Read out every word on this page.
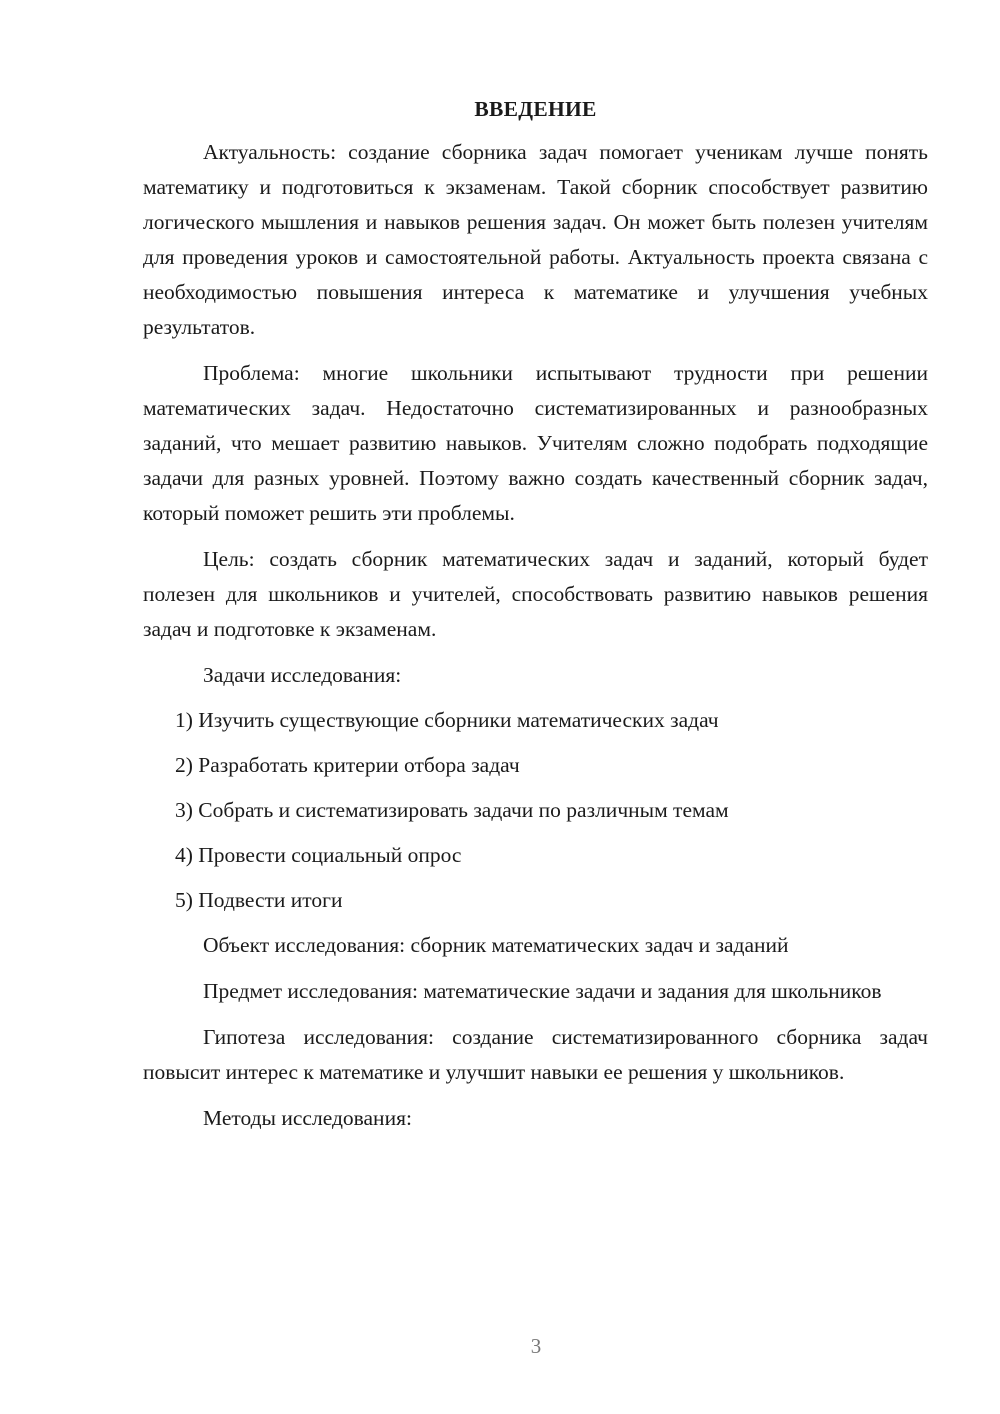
ВВЕДЕНИЕ

Актуальность: создание сборника задач помогает ученикам лучше понять математику и подготовиться к экзаменам. Такой сборник способствует развитию логического мышления и навыков решения задач. Он может быть полезен учителям для проведения уроков и самостоятельной работы. Актуальность проекта связана с необходимостью повышения интереса к математике и улучшения учебных результатов.

Проблема: многие школьники испытывают трудности при решении математических задач. Недостаточно систематизированных и разнообразных заданий, что мешает развитию навыков. Учителям сложно подобрать подходящие задачи для разных уровней. Поэтому важно создать качественный сборник задач, который поможет решить эти проблемы.

Цель: создать сборник математических задач и заданий, который будет полезен для школьников и учителей, способствовать развитию навыков решения задач и подготовке к экзаменам.

Задачи исследования:

1) Изучить существующие сборники математических задач
2) Разработать критерии отбора задач
3) Собрать и систематизировать задачи по различным темам
4) Провести социальный опрос
5) Подвести итоги

Объект исследования: сборник математических задач и заданий

Предмет исследования: математические задачи и задания для школьников

Гипотеза исследования: создание систематизированного сборника задач повысит интерес к математике и улучшит навыки ее решения у школьников.

Методы исследования:

3
